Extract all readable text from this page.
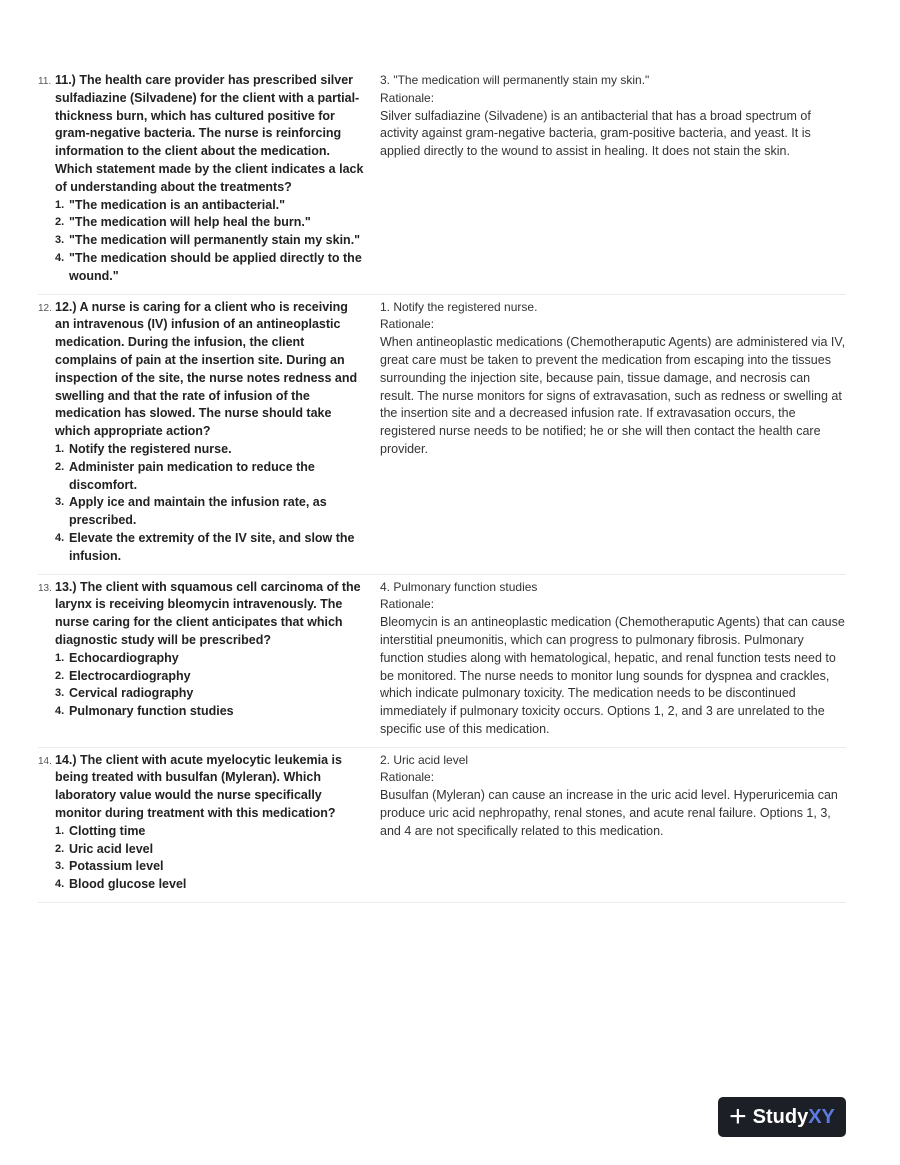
11. 11.) The health care provider has prescribed silver sulfadiazine (Silvadene) for the client with a partial-thickness burn, which has cultured positive for gram-negative bacteria. The nurse is reinforcing information to the client about the medication. Which statement made by the client indicates a lack of understanding about the treatments?
1. "The medication is an antibacterial."
2. "The medication will help heal the burn."
3. "The medication will permanently stain my skin."
4. "The medication should be applied directly to the wound."
3. "The medication will permanently stain my skin."
Rationale:
Silver sulfadiazine (Silvadene) is an antibacterial that has a broad spectrum of activity against gram-negative bacteria, gram-positive bacteria, and yeast. It is applied directly to the wound to assist in healing. It does not stain the skin.
12. 12.) A nurse is caring for a client who is receiving an intravenous (IV) infusion of an antineoplastic medication. During the infusion, the client complains of pain at the insertion site. During an inspection of the site, the nurse notes redness and swelling and that the rate of infusion of the medication has slowed. The nurse should take which appropriate action?
1. Notify the registered nurse.
2. Administer pain medication to reduce the discomfort.
3. Apply ice and maintain the infusion rate, as prescribed.
4. Elevate the extremity of the IV site, and slow the infusion.
1. Notify the registered nurse.
Rationale:
When antineoplastic medications (Chemotheraputic Agents) are administered via IV, great care must be taken to prevent the medication from escaping into the tissues surrounding the injection site, because pain, tissue damage, and necrosis can result. The nurse monitors for signs of extravasation, such as redness or swelling at the insertion site and a decreased infusion rate. If extravasation occurs, the registered nurse needs to be notified; he or she will then contact the health care provider.
13. 13.) The client with squamous cell carcinoma of the larynx is receiving bleomycin intravenously. The nurse caring for the client anticipates that which diagnostic study will be prescribed?
1. Echocardiography
2. Electrocardiography
3. Cervical radiography
4. Pulmonary function studies
4. Pulmonary function studies
Rationale:
Bleomycin is an antineoplastic medication (Chemotheraputic Agents) that can cause interstitial pneumonitis, which can progress to pulmonary fibrosis. Pulmonary function studies along with hematological, hepatic, and renal function tests need to be monitored. The nurse needs to monitor lung sounds for dyspnea and crackles, which indicate pulmonary toxicity. The medication needs to be discontinued immediately if pulmonary toxicity occurs. Options 1, 2, and 3 are unrelated to the specific use of this medication.
14. 14.) The client with acute myelocytic leukemia is being treated with busulfan (Myleran). Which laboratory value would the nurse specifically monitor during treatment with this medication?
1. Clotting time
2. Uric acid level
3. Potassium level
4. Blood glucose level
2. Uric acid level
Rationale:
Busulfan (Myleran) can cause an increase in the uric acid level. Hyperuricemia can produce uric acid nephropathy, renal stones, and acute renal failure. Options 1, 3, and 4 are not specifically related to this medication.
+ StudyXY
